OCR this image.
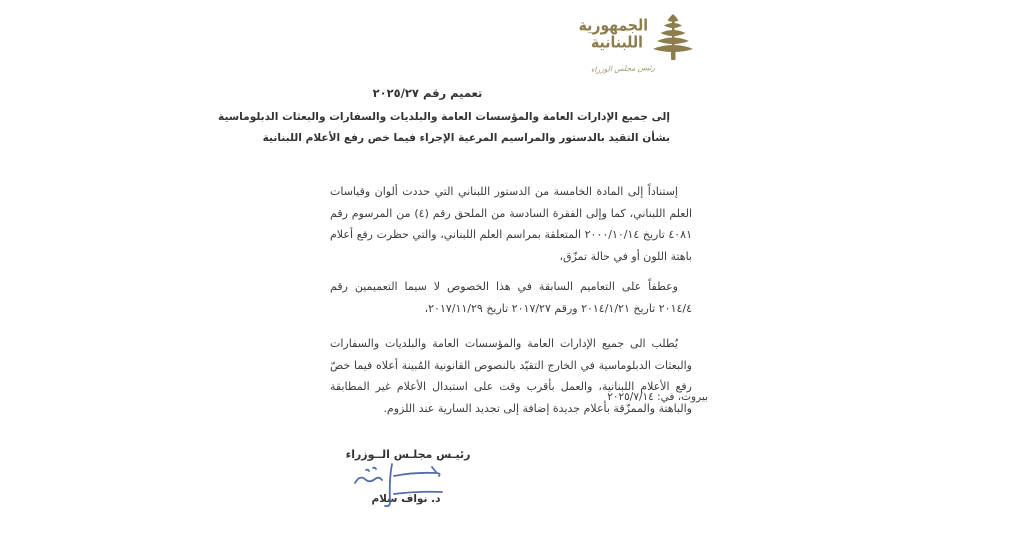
الجمهورية
اللبنانية
رئيس مجلس الوزراء
تعميم رقم ٢٠٢٥/٢٧
إلى جميع الإدارات العامة والمؤسسات العامة والبلديات والسفارات والبعثات الدبلوماسية
بشأن التقيد بالدستور والمراسيم المرعية الإجراء فيما خص رفع الأعلام اللبنانية

إستناداً إلى المادة الخامسة من الدستور اللبناني التي حددت ألوان وقياسات العلم اللبناني، كما وإلى الفقرة السادسة من الملحق رقم (٤) من المرسوم رقم ٤٠٨١ تاريخ ٢٠٠٠/١٠/١٤ المتعلقة بمراسم العلم اللبناني، والتي حظرت رفع أعلام باهتة اللون أو في حالة تمزّق،

وعطفاً على التعاميم السابقة في هذا الخصوص لا سيما التعميمين رقم ٢٠١٤/٤ تاريخ ٢٠١٤/١/٢١ ورقم ٢٠١٧/٢٧ تاريخ ٢٠١٧/١١/٢٩،

يُطلب الى جميع الإدارات العامة والمؤسسات العامة والبلديات والسفارات والبعثات الدبلوماسية في الخارج التقيّد بالنصوص القانونية المُبينة أعلاه فيما خصّ رفع الأعلام اللبنانية، والعمل بأقرب وقت على استبدال الأعلام غير المطابقة والباهتة والممزّقة بأعلام جديدة إضافة إلى تجديد السارية عند اللزوم.

بيروت، في: ٢٠٢٥/٧/١٤
رئيـس مجلـس الــوزراء
د. نواف سلام
